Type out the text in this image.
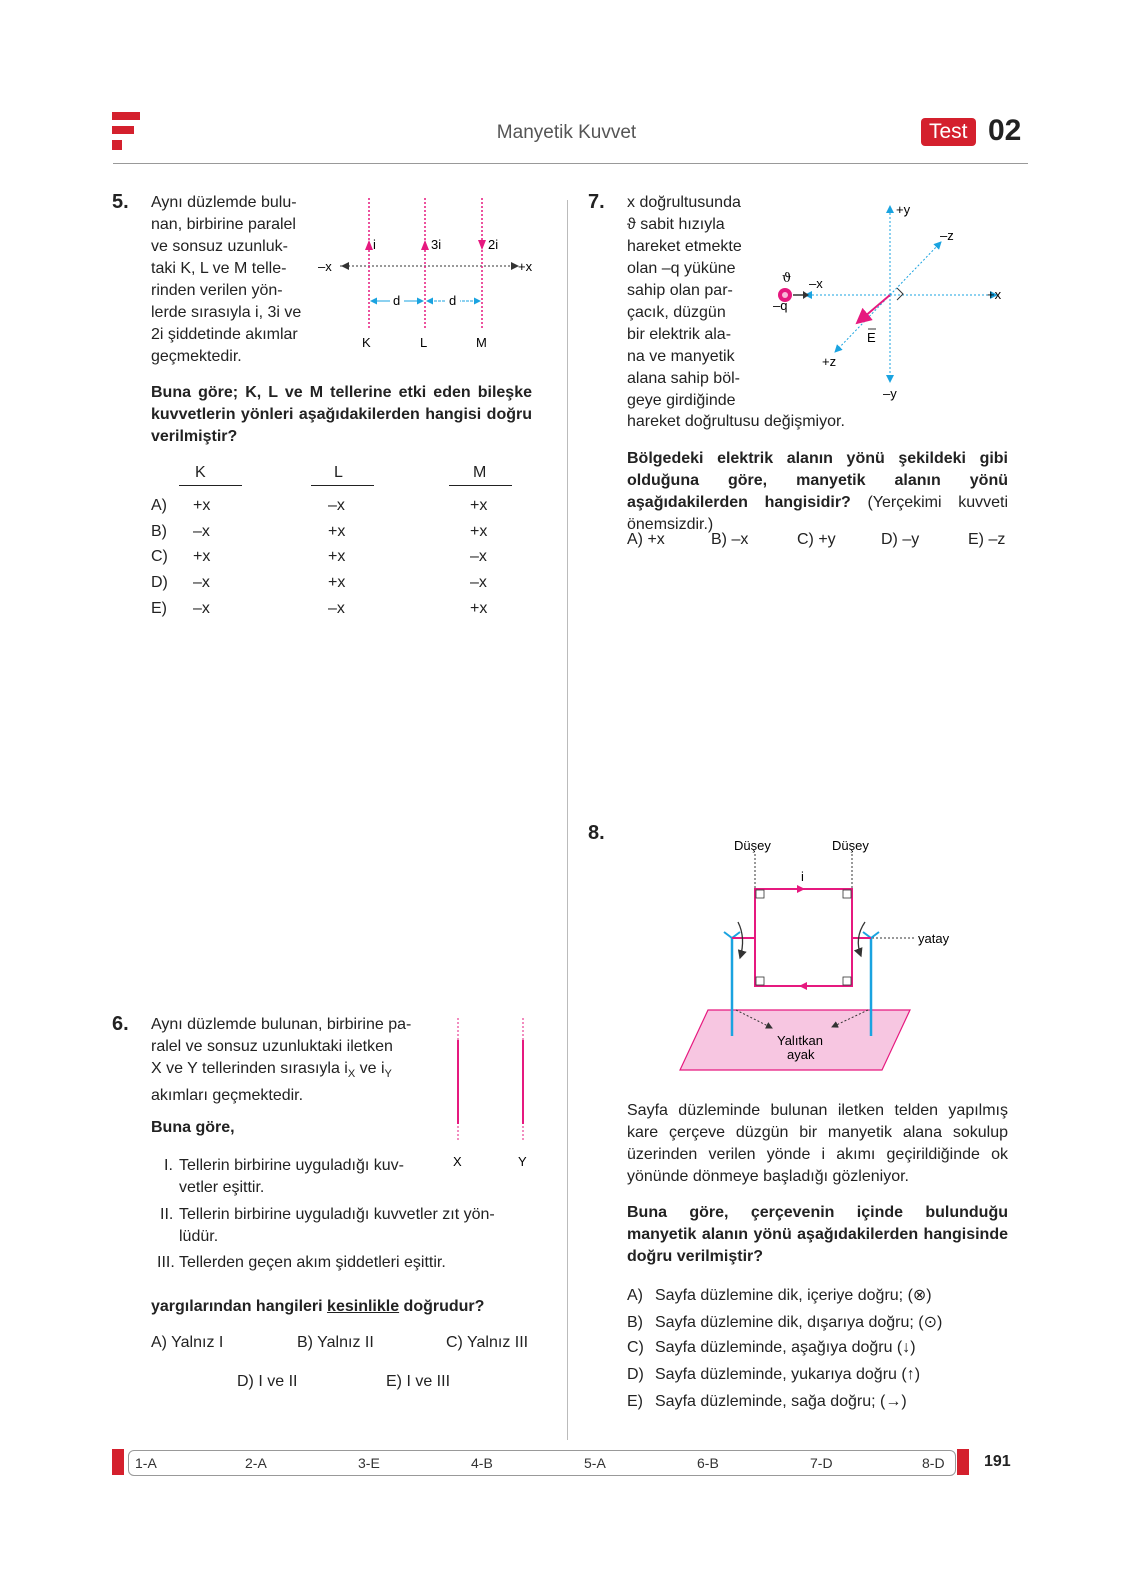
Manyetik Kuvvet	Test 02
5. Aynı düzlemde bulu-
nan, birbirine paralel
ve sonsuz uzunluk-
taki K, L ve M telle-
rinden verilen yön-
lerde sırasıyla i, 3i ve
2i şiddetinde akımlar
geçmektedir.
–x	+x
i	3i	2i
d	d
K	L	M
Buna göre; K, L ve M tellerine etki eden bileşke kuvvetlerin yönleri aşağıdakilerden hangisi doğru verilmiştir?
K	L	M
A) +x	–x	+x
B) –x	+x	+x
C) +x	+x	–x
D) –x	+x	–x
E) –x	–x	+x
6. Aynı düzlemde bulunan, birbirine pa-
ralel ve sonsuz uzunluktaki iletken
X ve Y tellerinden sırasıyla $i_X$ ve $i_Y$
akımları geçmektedir.
Buna göre,
X	Y
I. Tellerin birbirine uyguladığı kuv-
vetler eşittir.
II. Tellerin birbirine uyguladığı kuvvetler zıt yön-
lüdür.
III. Tellerden geçen akım şiddetleri eşittir.
yargılarından hangileri kesinlikle doğrudur?
A) Yalnız I	B) Yalnız II	C) Yalnız III
D) I ve II	E) I ve III
7. x doğrultusunda
ϑ sabit hızıyla
hareket etmekte
olan –q yüküne
sahip olan par-
çacık, düzgün
bir elektrik ala-
na ve manyetik
alana sahip böl-
geye girdiğinde
hareket doğrultusu değişmiyor.
+y
–y
+x
–x
–z
+z
E
ϑ
–q
Bölgedeki elektrik alanın yönü şekildeki gibi olduğuna göre, manyetik alanın yönü aşağıdakilerden hangisidir? (Yerçekimi kuvveti önemsizdir.)
A) +x	B) –x	C) +y	D) –y	E) –z
8.
Düşey	Düşey
i
yatay
Yalıtkan
ayak
Sayfa düzleminde bulunan iletken telden yapılmış kare çerçeve düzgün bir manyetik alana sokulup üzerinden verilen yönde i akımı geçirildiğinde ok yönünde dönmeye başladığı gözleniyor.
Buna göre, çerçevenin içinde bulunduğu manyetik alanın yönü aşağıdakilerden hangisinde doğru verilmiştir?
A) Sayfa düzlemine dik, içeriye doğru; (⊗)
B) Sayfa düzlemine dik, dışarıya doğru; (⊙)
C) Sayfa düzleminde, aşağıya doğru (↓)
D) Sayfa düzleminde, yukarıya doğru (↑)
E) Sayfa düzleminde, sağa doğru; (→)
1-A	2-A	3-E	4-B	5-A	6-B	7-D	8-D 191
